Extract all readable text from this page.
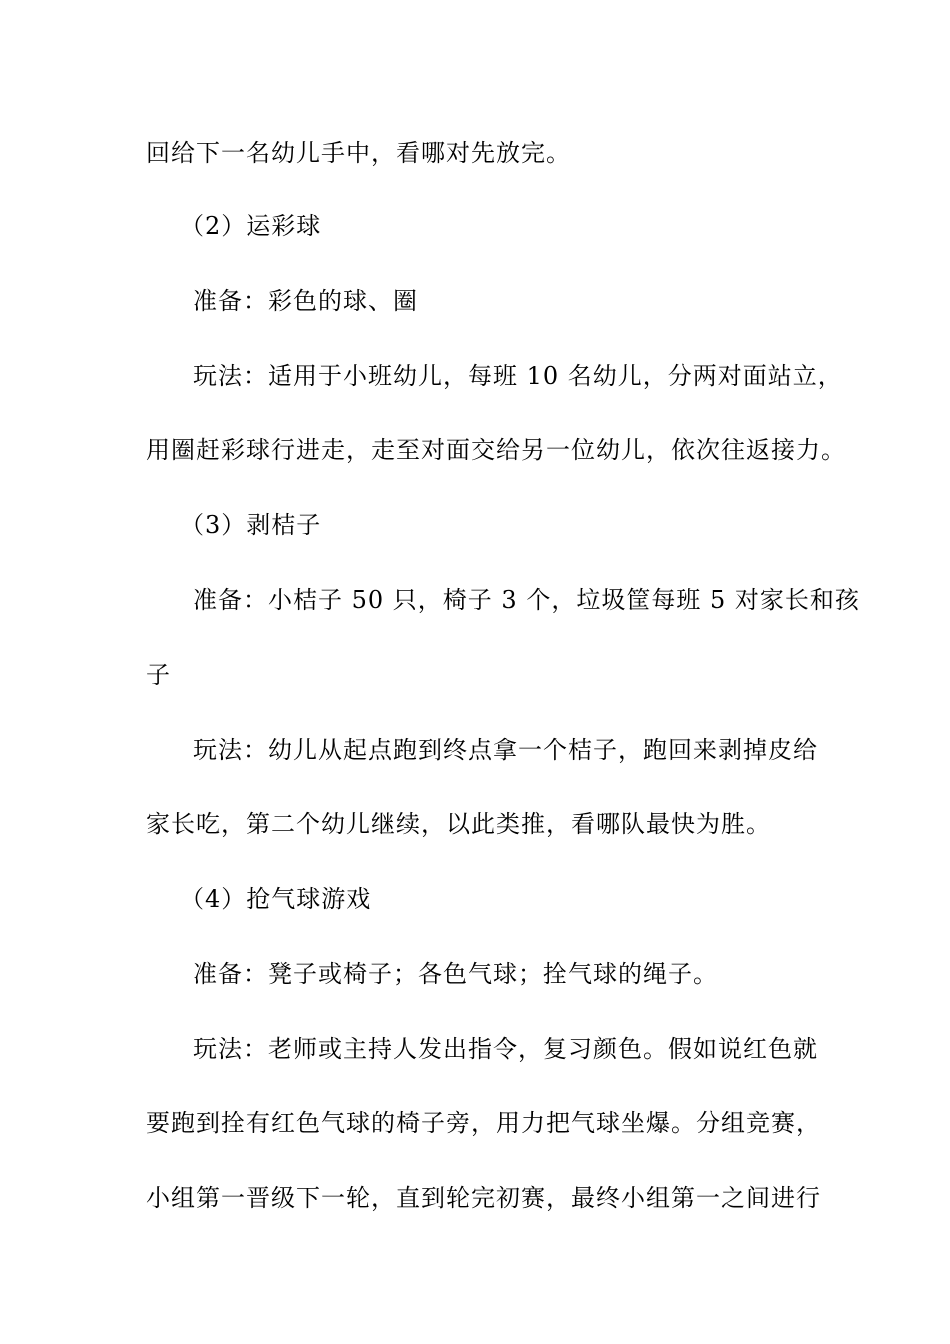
回给下一名幼儿手中，看哪对先放完。
（2）运彩球
准备：彩色的球、圈
玩法：适用于小班幼儿，每班 10 名幼儿，分两对面站立，
用圈赶彩球行进走，走至对面交给另一位幼儿，依次往返接力。
（3）剥桔子
准备：小桔子 50 只，椅子 3 个，垃圾筐每班 5 对家长和孩
子
玩法：幼儿从起点跑到终点拿一个桔子，跑回来剥掉皮给
家长吃，第二个幼儿继续，以此类推，看哪队最快为胜。
（4）抢气球游戏
准备：凳子或椅子；各色气球；拴气球的绳子。
玩法：老师或主持人发出指令，复习颜色。假如说红色就
要跑到拴有红色气球的椅子旁，用力把气球坐爆。分组竞赛，
小组第一晋级下一轮，直到轮完初赛，最终小组第一之间进行
